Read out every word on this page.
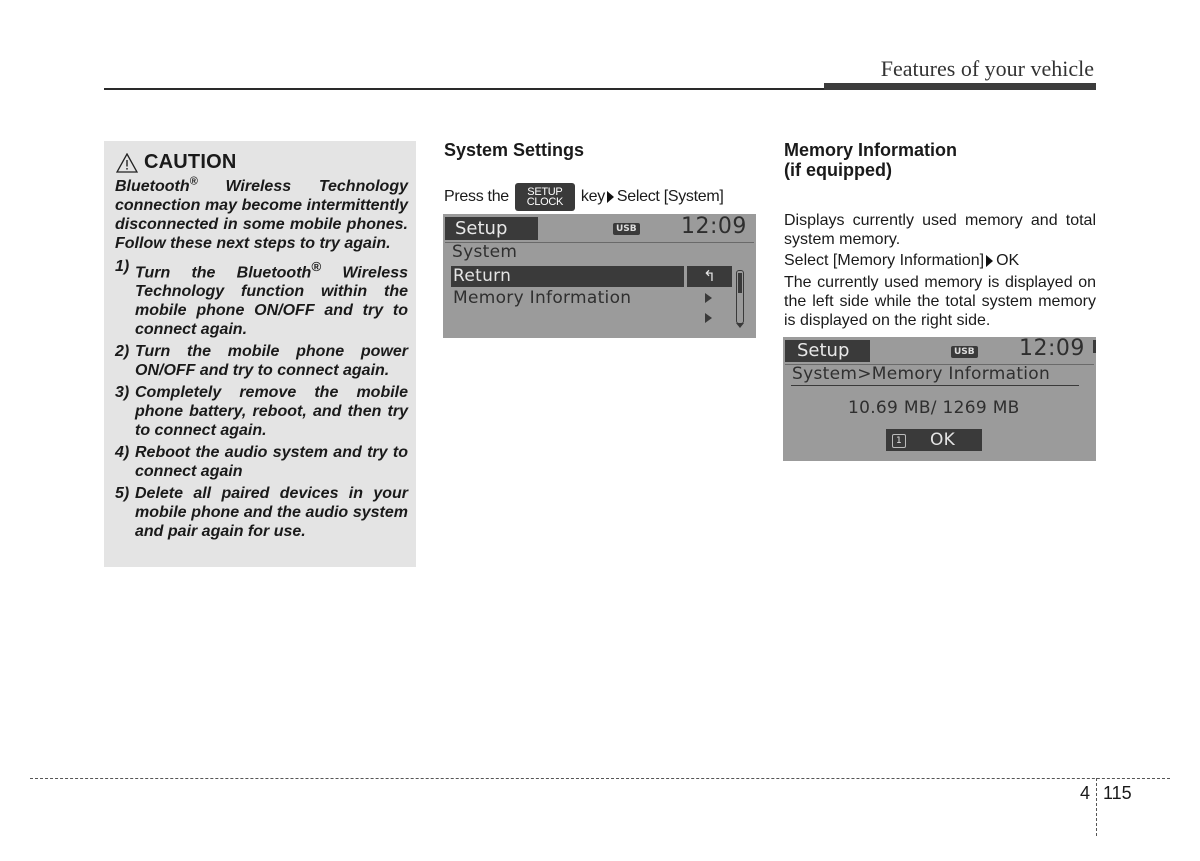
Features of your vehicle
CAUTION
Bluetooth® Wireless Technology connection may become intermittently disconnected in some mobile phones. Follow these next steps to try again.
1) Turn the Bluetooth® Wireless Technology function within the mobile phone ON/OFF and try to connect again.
2) Turn the mobile phone power ON/OFF and try to connect again.
3) Completely remove the mobile phone battery, reboot, and then try to connect again.
4) Reboot the audio system and try to connect again
5) Delete all paired devices in your mobile phone and the audio system and pair again for use.
System Settings
Press the SETUP
CLOCK key Select [System]
Setup	USB 12:09
System
Return	↰
Memory Information
Memory Information
(if equipped)
Displays currently used memory and total system memory.
Select [Memory Information] OK
The currently used memory is displayed on the left side while the total system memory is displayed on the right side.
Setup	USB 12:09
System>Memory Information
10.69 MB/ 1269 MB
1 OK
4 115
